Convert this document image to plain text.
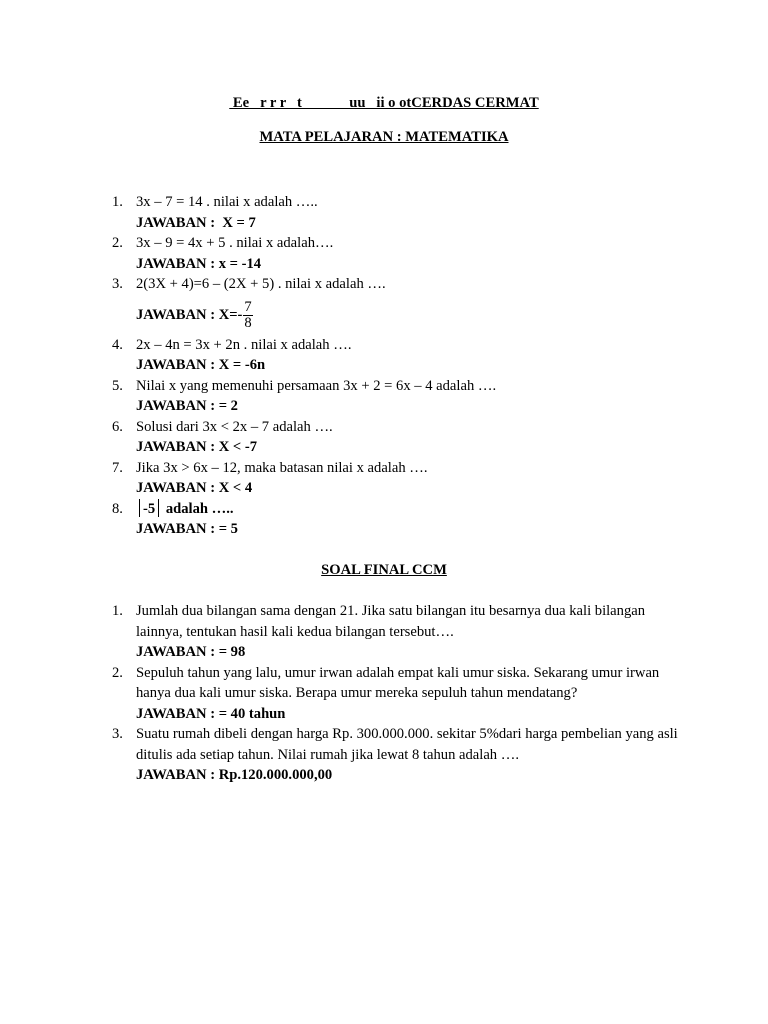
Ee   r r r   t             uu   ii o otCERDAS CERMAT
MATA PELAJARAN : MATEMATIKA
1. 3x – 7 = 14 . nilai x adalah …..
JAWABAN :  X = 7
2. 3x – 9 = 4x + 5 . nilai x adalah….
JAWABAN : x = -14
3. 2(3X + 4)=6 – (2X + 5) . nilai x adalah ….
JAWABAN : $X=- \frac{7}{8}$
4. 2x – 4n = 3x + 2n . nilai x adalah ….
JAWABAN : X = -6n
5. Nilai x yang memenuhi persamaan 3x + 2 = 6x – 4 adalah ….
JAWABAN : = 2
6. Solusi dari 3x < 2x – 7 adalah ….
JAWABAN : X < -7
7. Jika 3x > 6x – 12, maka batasan nilai x adalah ….
JAWABAN : X < 4
8.	-5 adalah …..
JAWABAN : = 5
SOAL FINAL CCM
1. Jumlah dua bilangan sama dengan 21. Jika satu bilangan itu besarnya dua kali bilangan lainnya, tentukan hasil kali kedua bilangan tersebut….
JAWABAN : = 98
2. Sepuluh tahun yang lalu, umur irwan adalah empat kali umur siska. Sekarang umur irwan hanya dua kali umur siska. Berapa umur mereka sepuluh tahun mendatang?
JAWABAN : = 40 tahun
3. Suatu rumah dibeli dengan harga Rp. 300.000.000. sekitar 5%dari harga pembelian yang asli ditulis ada setiap tahun. Nilai rumah jika lewat 8 tahun adalah ….
JAWABAN : Rp.120.000.000,00
